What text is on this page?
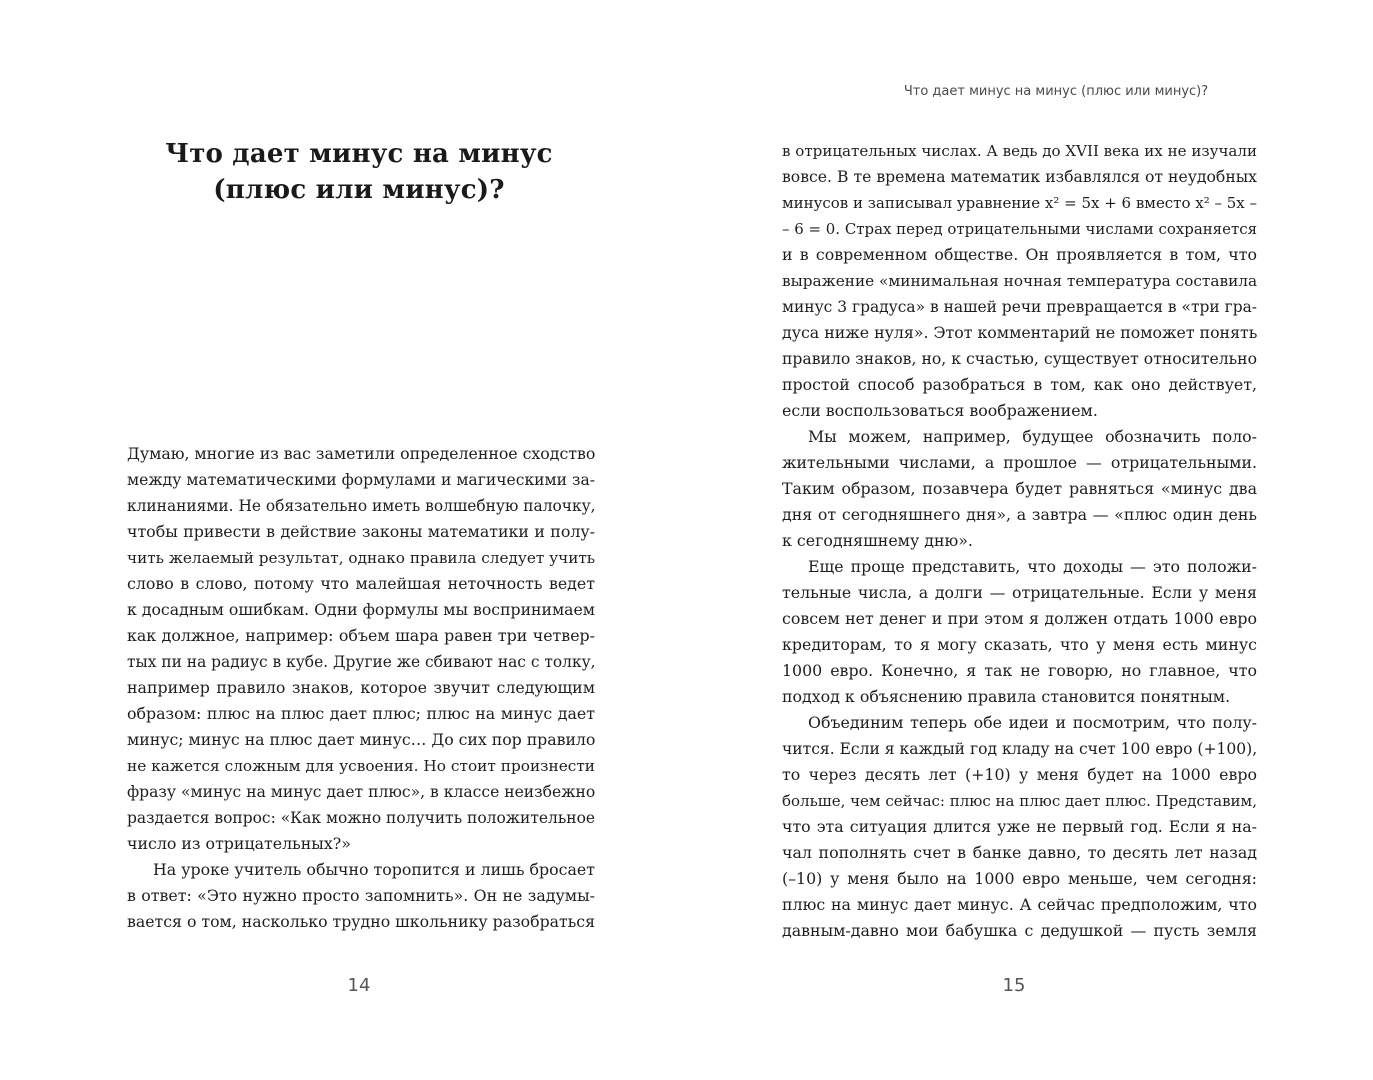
Что дает минус на минус
(плюс или минус)?
Думаю, многие из вас заметили определенное сходство
между математическими формулами и магическими за-
клинаниями. Не обязательно иметь волшебную палочку,
чтобы привести в действие законы математики и полу-
чить желаемый результат, однако правила следует учить
слово в слово, потому что малейшая неточность ведет
к досадным ошибкам. Одни формулы мы воспринимаем
как должное, например: объем шара равен три четвер-
тых пи на радиус в кубе. Другие же сбивают нас с толку,
например правило знаков, которое звучит следующим
образом: плюс на плюс дает плюс; плюс на минус дает
минус; минус на плюс дает минус… До сих пор правило
не кажется сложным для усвоения. Но стоит произнести
фразу «минус на минус дает плюс», в классе неизбежно
раздается вопрос: «Как можно получить положительное
число из отрицательных?»
На уроке учитель обычно торопится и лишь бросает
в ответ: «Это нужно просто запомнить». Он не задумы-
вается о том, насколько трудно школьнику разобраться
14
Что дает минус на минус (плюс или минус)?
в отрицательных числах. А ведь до XVII века их не изучали
вовсе. В те времена математик избавлялся от неудобных
минусов и записывал уравнение x² = 5x + 6 вместо x² – 5x –
– 6 = 0. Страх перед отрицательными числами сохраняется
и в современном обществе. Он проявляется в том, что
выражение «минимальная ночная температура составила
минус 3 градуса» в нашей речи превращается в «три гра-
дуса ниже нуля». Этот комментарий не поможет понять
правило знаков, но, к счастью, существует относительно
простой способ разобраться в том, как оно действует,
если воспользоваться воображением.
Мы можем, например, будущее обозначить поло-
жительными числами, а прошлое — отрицательными.
Таким образом, позавчера будет равняться «минус два
дня от сегодняшнего дня», а завтра — «плюс один день
к сегодняшнему дню».
Еще проще представить, что доходы — это положи-
тельные числа, а долги — отрицательные. Если у меня
совсем нет денег и при этом я должен отдать 1000 евро
кредиторам, то я могу сказать, что у меня есть минус
1000 евро. Конечно, я так не говорю, но главное, что
подход к объяснению правила становится понятным.
Объединим теперь обе идеи и посмотрим, что полу-
чится. Если я каждый год кладу на счет 100 евро (+100),
то через десять лет (+10) у меня будет на 1000 евро
больше, чем сейчас: плюс на плюс дает плюс. Представим,
что эта ситуация длится уже не первый год. Если я на-
чал пополнять счет в банке давно, то десять лет назад
(–10) у меня было на 1000 евро меньше, чем сегодня:
плюс на минус дает минус. А сейчас предположим, что
давным-давно мои бабушка с дедушкой — пусть земля
15
